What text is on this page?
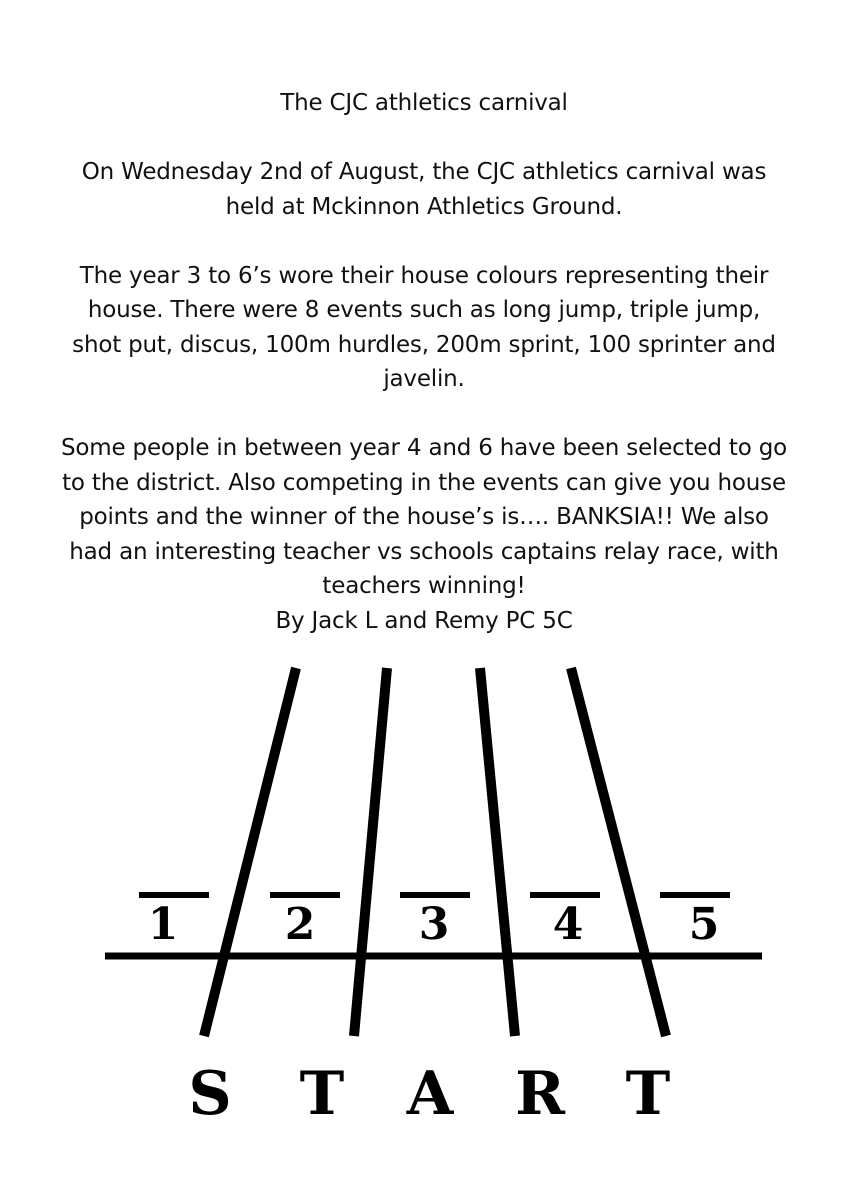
The CJC athletics carnival

On Wednesday 2nd of August, the CJC athletics carnival was held at Mckinnon Athletics Ground.

The year 3 to 6’s wore their house colours representing their house. There were 8 events such as long jump, triple jump, shot put, discus, 100m hurdles, 200m sprint, 100 sprinter and javelin.

Some people in between year 4 and 6 have been selected to go to the district. Also competing in the events can give you house points and the winner of the house’s is…. BANKSIA!! We also had an interesting teacher vs schools captains relay race, with teachers winning!

By Jack L and Remy PC 5C

1 2 3 4 5
S T A R T
